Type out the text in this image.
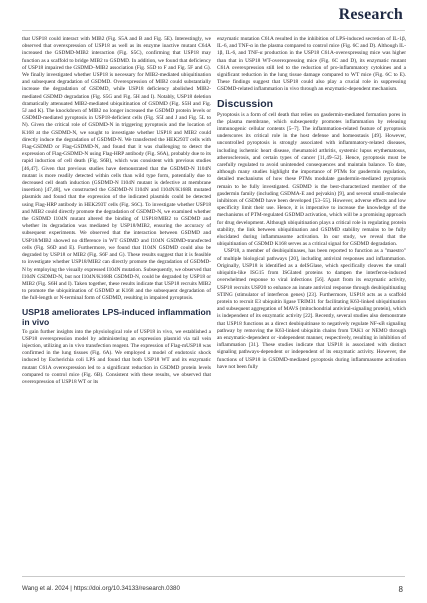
Research

that USP18 could interact with MIB2 (Fig. S5A and B and Fig. 5E). Interestingly, we observed that overexpression of USP18 as well as its enzyme inactive mutant C64A increased the GSDMD-MIB2 interaction (Fig. S5C), confirming that USP18 may function as a scaffold to bridge MIB2 to GSDMD. In addition, we found that deficiency of USP18 impaired the GSDMD–MIB2 association (Fig. S5D to F and Fig. 5F and G). We finally investigated whether USP18 is necessary for MIB2-mediated ubiquitination and subsequent degradation of GSDMD. Overexpression of MIB2 could substantially increase the degradation of GSDMD, while USP18 deficiency abolished MIB2-mediated GSDMD degradation (Fig. S5G and Fig. 5H and I). Notably, USP18 deletion dramatically attenuated MIB2-mediated ubiquitination of GSDMD (Fig. S5H and Fig. 5J and K). The knockdown of MIB2 no longer increased the GSDMD protein levels or GSDMD-mediated pyroptosis in USP18-deficient cells (Fig. S5I and J and Fig. 5L to N). Given the critical role of GSDMD-N in triggering pyroptosis and the location of K168 at the GSDMD-N, we sought to investigate whether USP18 and MIB2 could directly induce the degradation of GSDMD-N. We transfected the HEK293T cells with Flag-GSDMD or Flag-GSDMD-N, and found that it was challenging to detect the expression of Flag-GSDMD-N using Flag-HRP antibody (Fig. S6A), probably due to its rapid induction of cell death (Fig. S6B), which was consistent with previous studies [46,47]. Given that previous studies have demonstrated that the GSDMD-N I104N mutant is more readily detected within cells than wild type form, potentially due to decreased cell death induction (GSDMD-N I104N mutant is defective at membrane insertion) [47,48], we constructed the GSDMD-N I104N and I104N/K168R mutated plasmids and found that the expression of the indicated plasmids could be detected using Flag-HRP antibody in HEK293T cells (Fig. S6C). To investigate whether USP18 and MIB2 could directly promote the degradation of GSDMD-N, we examined whether the GSDMD I104N mutant altered the binding of USP18/MIB2 to GSDMD and whether its degradation was mediated by USP18/MIB2, ensuring the accuracy of subsequent experiments. We observed that the interaction between GSDMD and USP18/MIB2 showed no difference in WT GSDMD and I104N GSDMD-transfected cells (Fig. S6D and E). Furthermore, we found that I104N GSDMD could also be degraded by USP18 or MIB2 (Fig. S6F and G). These results suggest that it is feasible to investigate whether USP18/MIB2 can directly promote the degradation of GSDMD-N by employing the visually expressed I104N mutation. Subsequently, we observed that I104N GSDMD-N, but not I104N/K168R GSDMD-N, could be degraded by USP18 or MIB2 (Fig. S6H and I). Taken together, these results indicate that USP18 recruits MIB2 to promote the ubiquitination of GSDMD at K168 and the subsequent degradation of the full-length or N-terminal form of GSDMD, resulting in impaired pyroptosis.

USP18 ameliorates LPS-induced inflammation in vivo

To gain further insights into the physiological role of USP18 in vivo, we established a USP18 overexpression model by administering an expression plasmid via tail vein injection, utilizing an in vivo transfection reagent. The expression of Flag-mUSP18 was confirmed in the lung tissues (Fig. 6A). We employed a model of endotoxic shock induced by Escherichia coli LPS and found that both USP18 WT and its enzymatic mutant C61A overexpression led to a significant reduction in GSDMD protein levels compared to control mice (Fig. 6B). Consistent with these results, we observed that overexpression of USP18 WT or its

enzymatic mutation C61A resulted in the inhibition of LPS-induced secretion of IL-1β, IL-6, and TNF-α in the plasma compared to control mice (Fig. 6C and D). Although IL-1β, IL-6, and TNF-α production in the USP18 C61A-overexpressing mice was higher than that in USP18 WT-overexpressing mice (Fig. 6C and D), its enzymatic mutant C61A overexpression still led to the reduction of pro-inflammatory cytokines and a significant reduction in the lung tissue damage compared to WT mice (Fig. 6C to E). These findings suggest that USP18 could also play a crucial role in suppressing GSDMD-related inflammation in vivo through an enzymatic-dependent mechanism.

Discussion

Pyroptosis is a form of cell death that relies on gasdermin-mediated formation pores in the plasma membrane, which subsequently promotes inflammation by releasing immunogenic cellular contents [5–7]. The inflammation-related feature of pyroptosis underscores its critical role in the host defense and homeostasis [49]. However, uncontrolled pyroptosis is strongly associated with inflammatory-related diseases, including ischemic heart disease, rheumatoid arthritis, systemic lupus erythematosus, atherosclerosis, and certain types of cancer [11,49–52]. Hence, pyroptosis must be carefully regulated to avoid unintended consequences and maintain balance. To date, although many studies highlight the importance of PTMs for gasdermin regulation, detailed mechanisms of how these PTMs modulate gasdermin-mediated pyroptosis remain to be fully investigated. GSDMD is the best-characterized member of the gasdermin family (including GSDMA-E and pejvakin) [9], and several small-molecule inhibitors of GSDMD have been developed [53–55]. However, adverse effects and low specificity limit their use. Hence, it is imperative to increase the knowledge of the mechanisms of PTM-regulated GSDMD activation, which will be a promising approach for drug development. Although ubiquitination plays a critical role in regulating protein stability, the link between ubiquitination and GSDMD stability remains to be fully elucidated during inflammasome activation. In our study, we reveal that the ubiquitination of GSDMD K168 serves as a critical signal for GSDMD degradation.

USP18, a member of deubiquitinases, has been reported to function as a "maestro" of multiple biological pathways [20], including antiviral responses and inflammation. Originally, USP18 is identified as a deISGlase, which specifically cleaves the small ubiquitin-like ISG15 from ISGlated proteins to dampen the interferon-induced overwhelmed response to viral infections [56]. Apart from its enzymatic activity, USP18 recruits USP20 to enhance an innate antiviral response through deubiquitinating STING (stimulator of interferon genes) [23]. Furthermore, USP18 acts as a scaffold protein to recruit E3 ubiquitin ligase TRIM31 for facilitating K63-linked ubiquitination and subsequent aggregation of MAVS (mitochondrial antiviral-signaling protein), which is independent of its enzymatic activity [22]. Recently, several studies also demonstrate that USP18 functions as a direct deubiquitinase to negatively regulate NF-κB signaling pathway by removing the K63-linked ubiquitin chains from TAK1 or NEMO through an enzymatic-dependent or -independent manner, respectively, resulting in inhibition of inflammation [31]. These studies indicate that USP18 is associated with distinct signaling pathways-dependent or independent of its enzymatic activity. However, the functions of USP18 in GSDMD-mediated pyroptosis during inflammasome activation have not been fully

Wang et al. 2024 | https://doi.org/10.34133/research.0380	8
